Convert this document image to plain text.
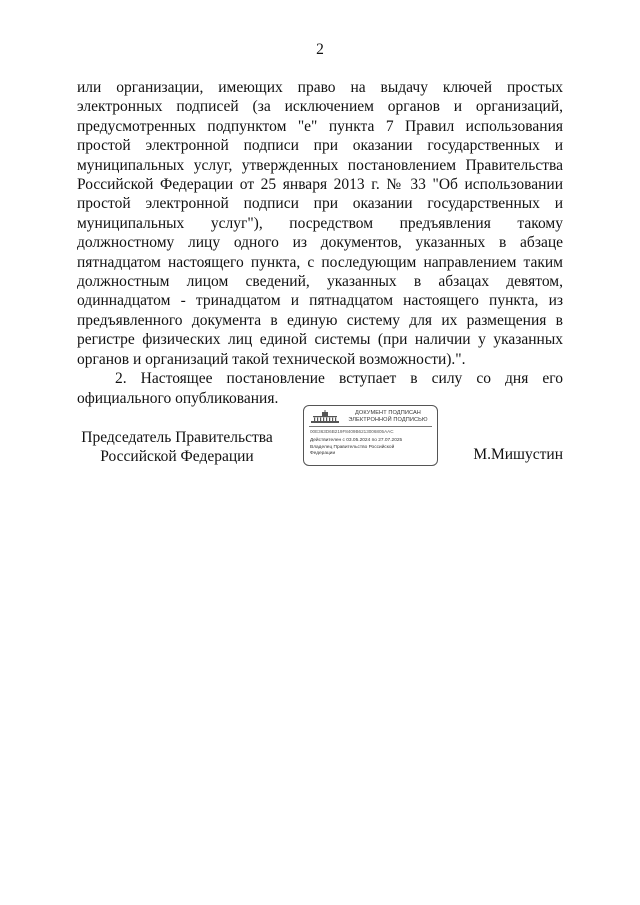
2

или организации, имеющих право на выдачу ключей простых электронных подписей (за исключением органов и организаций, предусмотренных подпунктом "е" пункта 7 Правил использования простой электронной подписи при оказании государственных и муниципальных услуг, утвержденных постановлением Правительства Российской Федерации от 25 января 2013 г. № 33 "Об использовании простой электронной подписи при оказании государственных и муниципальных услуг"), посредством предъявления такому должностному лицу одного из документов, указанных в абзаце пятнадцатом настоящего пункта, с последующим направлением таким должностным лицом сведений, указанных в абзацах девятом, одиннадцатом - тринадцатом и пятнадцатом настоящего пункта, из предъявленного документа в единую систему для их размещения в регистре физических лиц единой системы (при наличии у указанных органов и организаций такой технической возможности).".

2. Настоящее постановление вступает в силу со дня его официального опубликования.

Председатель Правительства
Российской Федерации
ДОКУМЕНТ ПОДПИСАН
ЭЛЕКТРОННОЙ ПОДПИСЬЮ
00E363D6B219F8409B6213006805AAC
Действителен с 03.05.2024 по 27.07.2025
Владелец Правительство Российской Федерации	М.Мишустин
